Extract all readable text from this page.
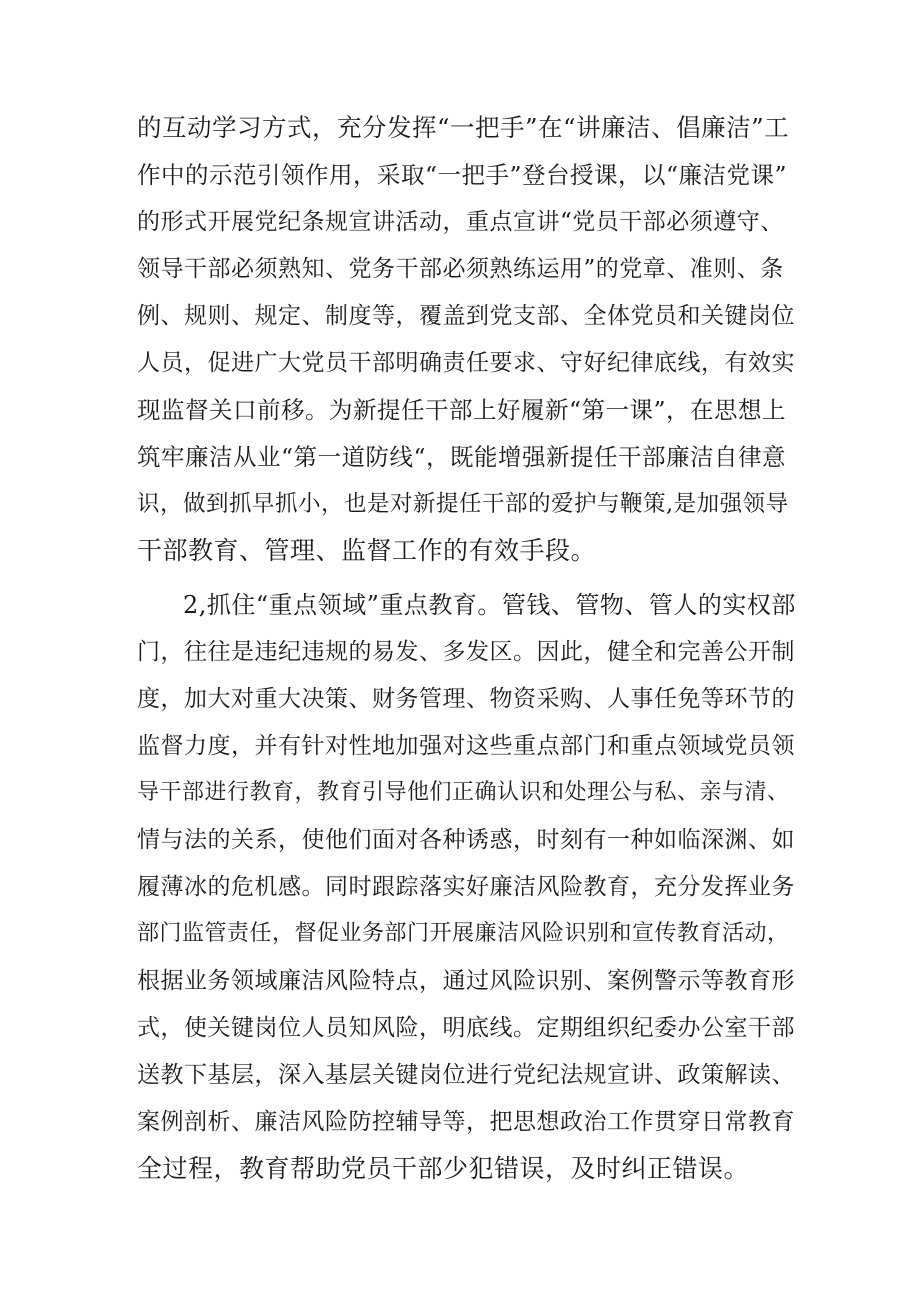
的互动学习方式，充分发挥“一把手”在“讲廉洁、倡廉洁”工
作中的示范引领作用，采取“一把手”登台授课，以“廉洁党课”
的形式开展党纪条规宣讲活动，重点宣讲“党员干部必须遵守、
领导干部必须熟知、党务干部必须熟练运用”的党章、准则、条
例、规则、规定、制度等，覆盖到党支部、全体党员和关键岗位
人员，促进广大党员干部明确责任要求、守好纪律底线，有效实
现监督关口前移。为新提任干部上好履新“第一课”，在思想上
筑牢廉洁从业“第一道防线“，既能增强新提任干部廉洁自律意
识，做到抓早抓小，也是对新提任干部的爱护与鞭策,是加强领导
干部教育、管理、监督工作的有效手段。
2,抓住“重点领域”重点教育。管钱、管物、管人的实权部
门，往往是违纪违规的易发、多发区。因此，健全和完善公开制
度，加大对重大决策、财务管理、物资采购、人事任免等环节的
监督力度，并有针对性地加强对这些重点部门和重点领域党员领
导干部进行教育，教育引导他们正确认识和处理公与私、亲与清、
情与法的关系，使他们面对各种诱惑，时刻有一种如临深渊、如
履薄冰的危机感。同时跟踪落实好廉洁风险教育，充分发挥业务
部门监管责任，督促业务部门开展廉洁风险识别和宣传教育活动，
根据业务领域廉洁风险特点，通过风险识别、案例警示等教育形
式，使关键岗位人员知风险，明底线。定期组织纪委办公室干部
送教下基层，深入基层关键岗位进行党纪法规宣讲、政策解读、
案例剖析、廉洁风险防控辅导等，把思想政治工作贯穿日常教育
全过程，教育帮助党员干部少犯错误，及时纠正错误。
